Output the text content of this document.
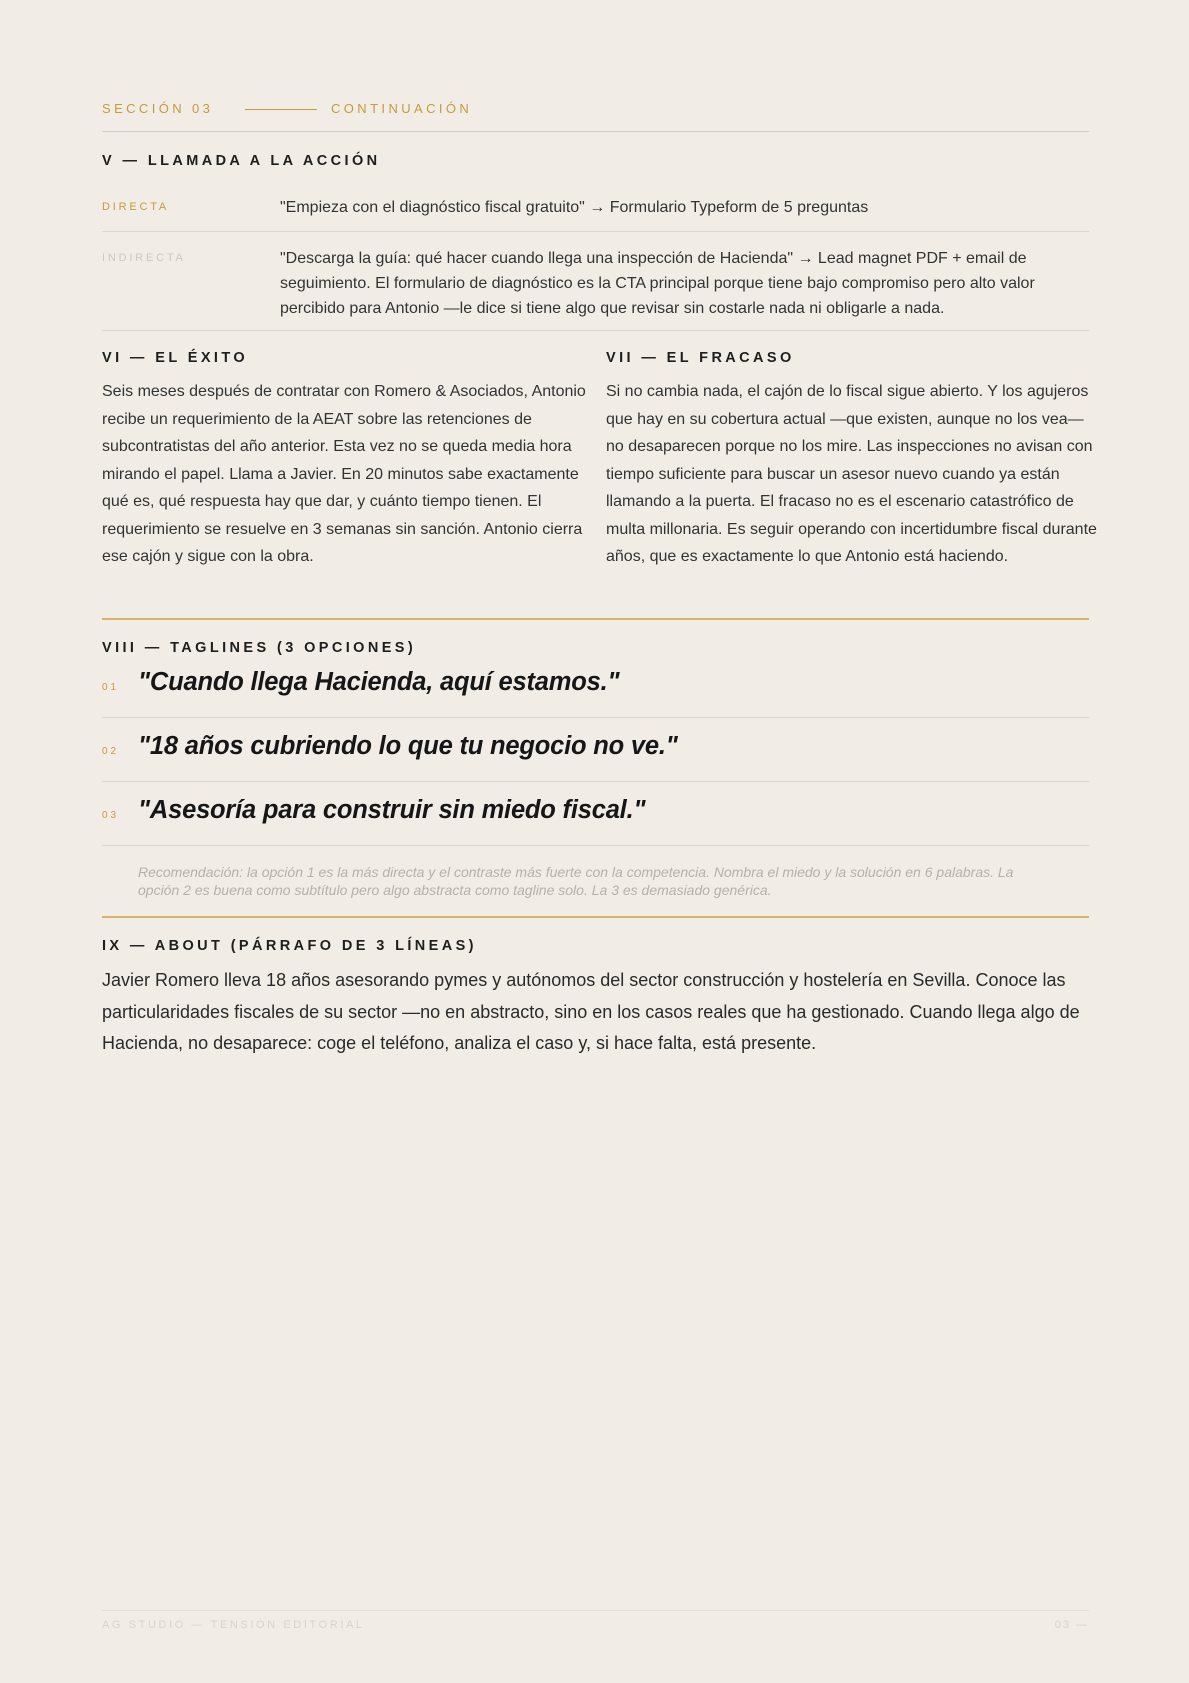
SECCIÓN 03	CONTINUACIÓN
V — LLAMADA A LA ACCIÓN
DIRECTA	"Empieza con el diagnóstico fiscal gratuito" → Formulario Typeform de 5 preguntas
INDIRECTA	"Descarga la guía: qué hacer cuando llega una inspección de Hacienda" → Lead magnet PDF + email de seguimiento. El formulario de diagnóstico es la CTA principal porque tiene bajo compromiso pero alto valor percibido para Antonio —le dice si tiene algo que revisar sin costarle nada ni obligarle a nada.
VI — EL ÉXITO
Seis meses después de contratar con Romero & Asociados, Antonio recibe un requerimiento de la AEAT sobre las retenciones de subcontratistas del año anterior. Esta vez no se queda media hora mirando el papel. Llama a Javier. En 20 minutos sabe exactamente qué es, qué respuesta hay que dar, y cuánto tiempo tienen. El requerimiento se resuelve en 3 semanas sin sanción. Antonio cierra ese cajón y sigue con la obra.
VII — EL FRACASO
Si no cambia nada, el cajón de lo fiscal sigue abierto. Y los agujeros que hay en su cobertura actual —que existen, aunque no los vea— no desaparecen porque no los mire. Las inspecciones no avisan con tiempo suficiente para buscar un asesor nuevo cuando ya están llamando a la puerta. El fracaso no es el escenario catastrófico de multa millonaria. Es seguir operando con incertidumbre fiscal durante años, que es exactamente lo que Antonio está haciendo.
VIII — TAGLINES (3 OPCIONES)
01 "Cuando llega Hacienda, aquí estamos."
02 "18 años cubriendo lo que tu negocio no ve."
03 "Asesoría para construir sin miedo fiscal."
Recomendación: la opción 1 es la más directa y el contraste más fuerte con la competencia. Nombra el miedo y la solución en 6 palabras. La opción 2 es buena como subtítulo pero algo abstracta como tagline solo. La 3 es demasiado genérica.
IX — ABOUT (PÁRRAFO DE 3 LÍNEAS)
Javier Romero lleva 18 años asesorando pymes y autónomos del sector construcción y hostelería en Sevilla. Conoce las particularidades fiscales de su sector —no en abstracto, sino en los casos reales que ha gestionado. Cuando llega algo de Hacienda, no desaparece: coge el teléfono, analiza el caso y, si hace falta, está presente.
AG STUDIO — TENSIÓN EDITORIAL	03 —
